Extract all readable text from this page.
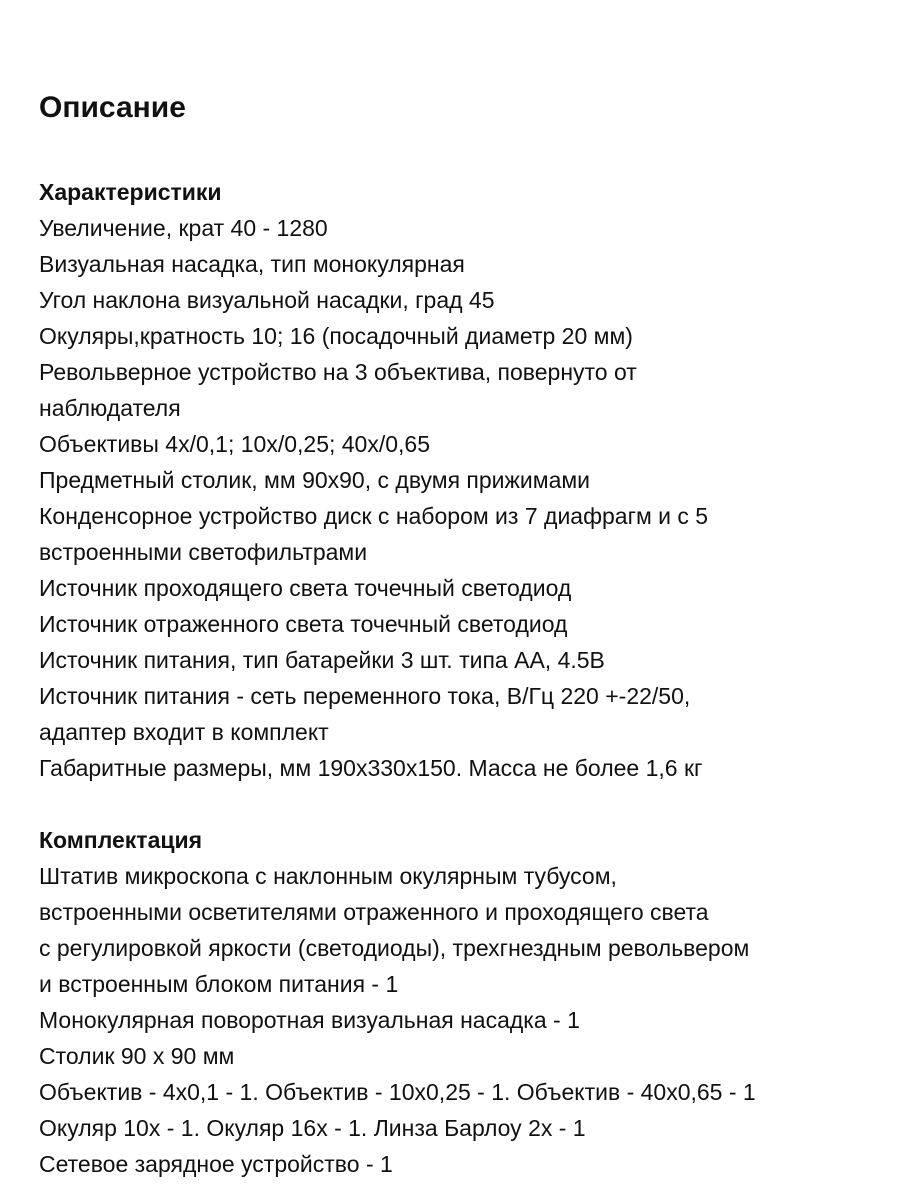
Описание
Характеристики
Увеличение, крат 40 - 1280
Визуальная насадка, тип монокулярная
Угол наклона визуальной насадки, град 45
Окуляры,кратность 10; 16 (посадочный диаметр 20 мм)
Револьверное устройство на 3 объектива, повернуто от
наблюдателя
Объективы 4х/0,1; 10х/0,25; 40х/0,65
Предметный столик, мм 90х90, с двумя прижимами
Конденсорное устройство диск с набором из 7 диафрагм и с 5
встроенными светофильтрами
Источник проходящего света точечный светодиод
Источник отраженного света точечный светодиод
Источник питания, тип батарейки 3 шт. типа АА, 4.5В
Источник питания - сеть переменного тока, В/Гц 220 +-22/50,
адаптер входит в комплект
Габаритные размеры, мм 190х330х150. Масса не более 1,6 кг
Комплектация
Штатив микроскопа с наклонным окулярным тубусом,
встроенными осветителями отраженного и проходящего света
с регулировкой яркости (светодиоды), трехгнездным револьвером
и встроенным блоком питания - 1
Монокулярная поворотная визуальная насадка - 1
Столик 90 х 90 мм
Объектив - 4х0,1 - 1. Объектив - 10х0,25 - 1. Объектив - 40х0,65 - 1
Окуляр 10х - 1. Окуляр 16х - 1. Линза Барлоу 2х - 1
Сетевое зарядное устройство - 1
